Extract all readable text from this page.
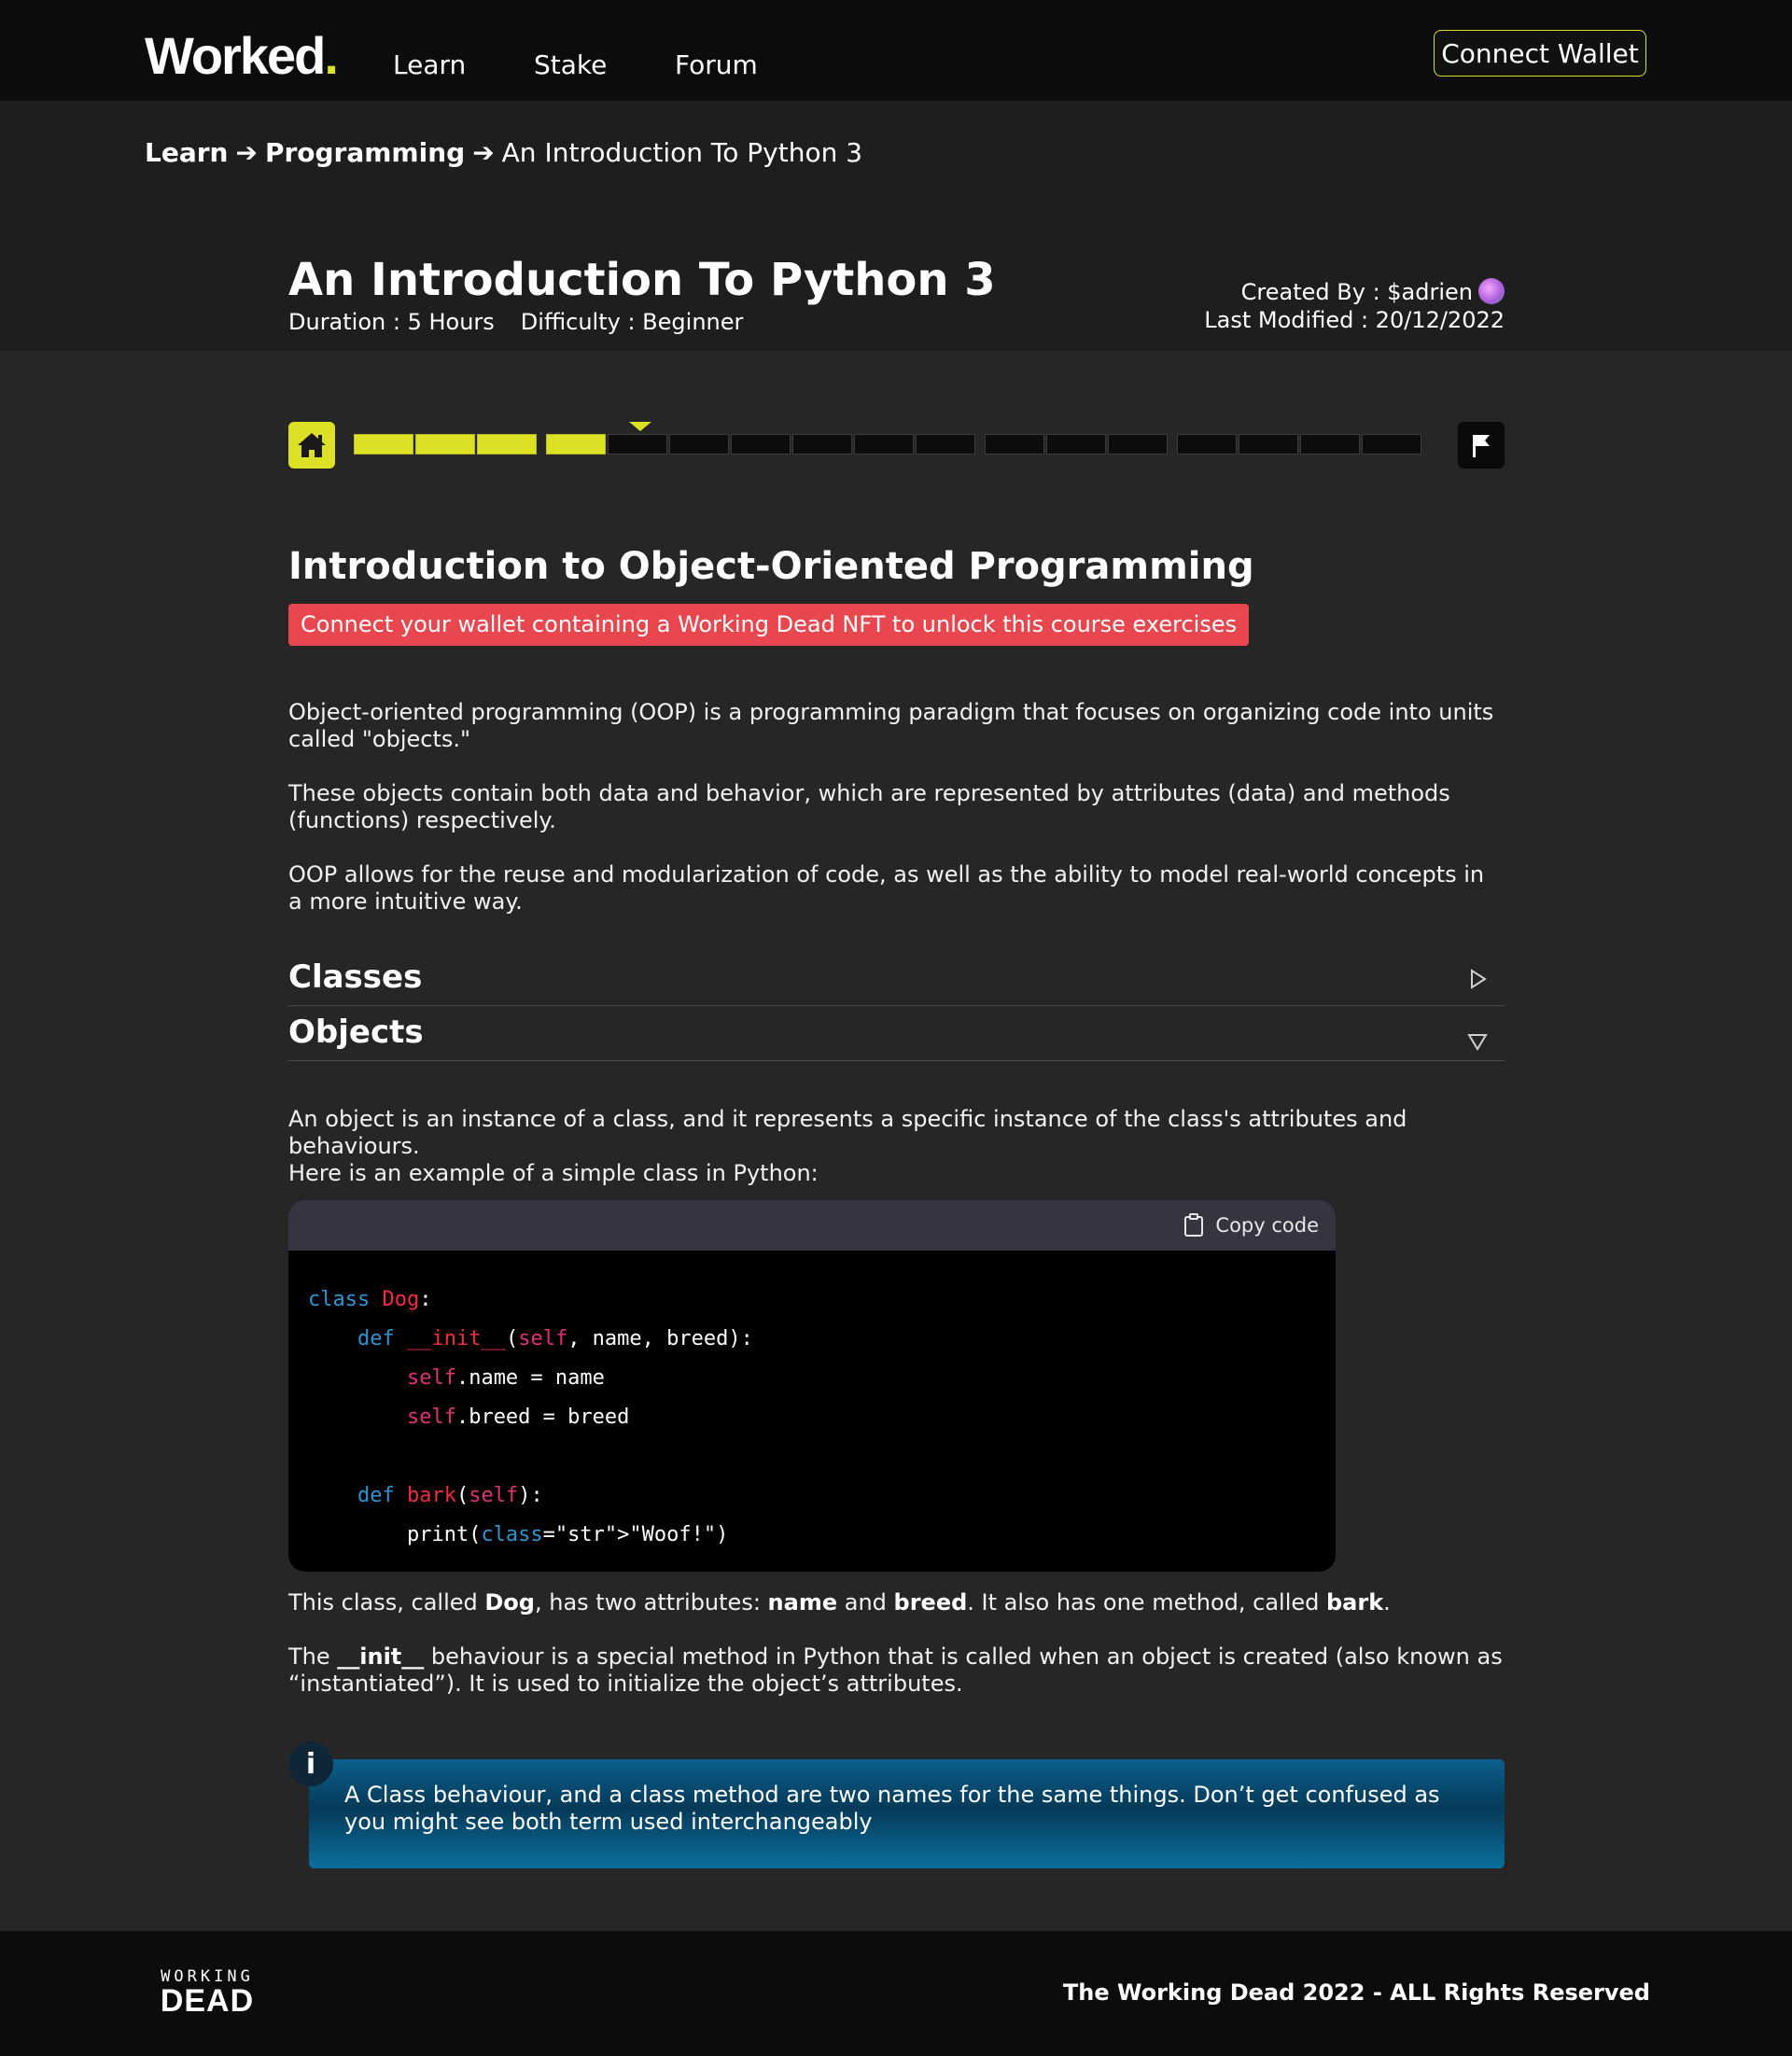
Worked. Learn	Stake	Forum	Connect Wallet
Learn ➔ Programming ➔ An Introduction To Python 3
An Introduction To Python 3
Duration : 5 Hours Difficulty : Beginner
Created By : $adrien
Last Modified : 20/12/2022
Introduction to Object-Oriented Programming
Connect your wallet containing a Working Dead NFT to unlock this course exercises
Object-oriented programming (OOP) is a programming paradigm that focuses on organizing code into units called "objects."
These objects contain both data and behavior, which are represented by attributes (data) and methods (functions) respectively.
OOP allows for the reuse and modularization of code, as well as the ability to model real-world concepts in a more intuitive way.
Classes
Objects
An object is an instance of a class, and it represents a specific instance of the class's attributes and behaviours.
Here is an example of a simple class in Python:
Copy code
class Dog:
def __init__(self, name, breed):
self.name = name
self.breed = breed

def bark(self):
print(class="str">"Woof!")
This class, called Dog, has two attributes: name and breed. It also has one method, called bark.
The __init__ behaviour is a special method in Python that is called when an object is created (also known as “instantiated”). It is used to initialize the object’s attributes.
A Class behaviour, and a class method are two names for the same things. Don’t get confused as you might see both term used interchangeably
i
WORKING
DEAD	The Working Dead 2022 - ALL Rights Reserved
